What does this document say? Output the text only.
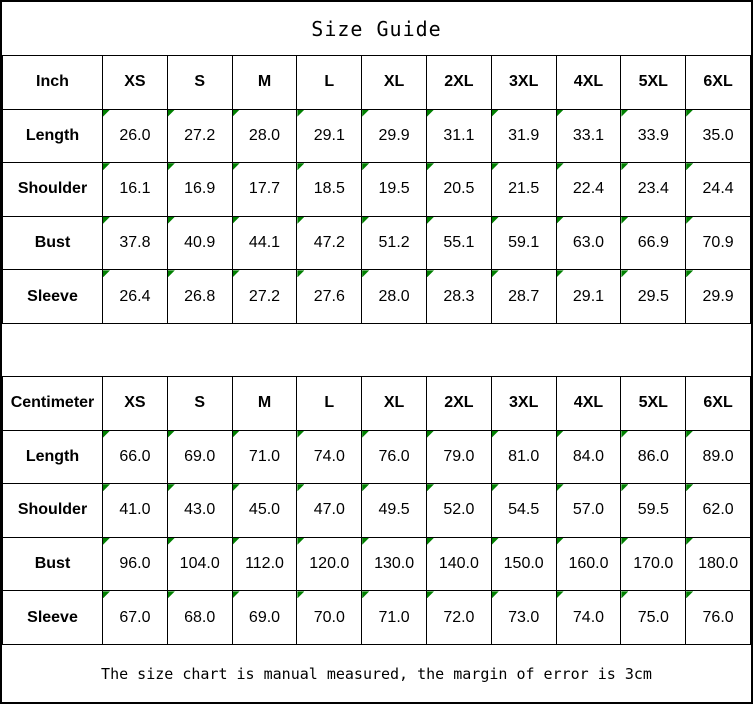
Size Guide
Inch	XS	S	M	L	XL	2XL	3XL	4XL	5XL	6XL
Length	26.0	27.2	28.0	29.1	29.9	31.1	31.9	33.1	33.9	35.0
Shoulder	16.1	16.9	17.7	18.5	19.5	20.5	21.5	22.4	23.4	24.4
Bust	37.8	40.9	44.1	47.2	51.2	55.1	59.1	63.0	66.9	70.9
Sleeve	26.4	26.8	27.2	27.6	28.0	28.3	28.7	29.1	29.5	29.9
Centimeter	XS	S	M	L	XL	2XL	3XL	4XL	5XL	6XL
Length	66.0	69.0	71.0	74.0	76.0	79.0	81.0	84.0	86.0	89.0
Shoulder	41.0	43.0	45.0	47.0	49.5	52.0	54.5	57.0	59.5	62.0
Bust	96.0	104.0	112.0	120.0	130.0	140.0	150.0	160.0	170.0	180.0
Sleeve	67.0	68.0	69.0	70.0	71.0	72.0	73.0	74.0	75.0	76.0
The size chart is manual measured, the margin of error is 3cm
